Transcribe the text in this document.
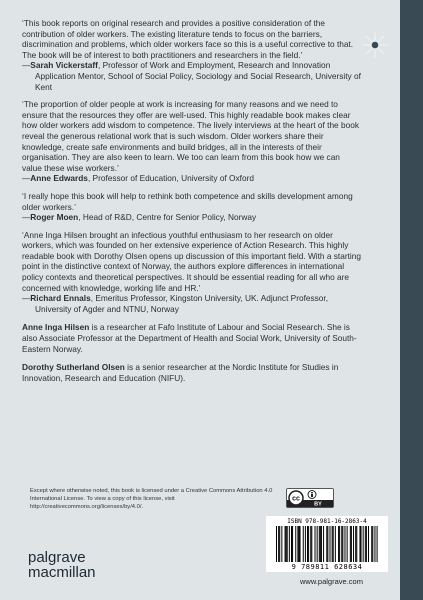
‘This book reports on original research and provides a positive consideration of the contribution of older workers. The existing literature tends to focus on the barriers, discrimination and problems, which older workers face so this is a useful corrective to that. The book will be of interest to both practitioners and researchers in the field.’
—Sarah Vickerstaff, Professor of Work and Employment, Research and Innovation Application Mentor, School of Social Policy, Sociology and Social Research, University of Kent
‘The proportion of older people at work is increasing for many reasons and we need to ensure that the resources they offer are well-used. This highly readable book makes clear how older workers add wisdom to competence. The lively interviews at the heart of the book reveal the generous relational work that is such wisdom. Older workers share their knowledge, create safe environments and build bridges, all in the interests of their organisation. They are also keen to learn. We too can learn from this book how we can value these wise workers.’
—Anne Edwards, Professor of Education, University of Oxford
‘I really hope this book will help to rethink both competence and skills development among older workers.’
—Roger Moen, Head of R&D, Centre for Senior Policy, Norway
‘Anne Inga Hilsen brought an infectious youthful enthusiasm to her research on older workers, which was founded on her extensive experience of Action Research. This highly readable book with Dorothy Olsen opens up discussion of this important field. With a starting point in the distinctive context of Norway, the authors explore differences in international policy contexts and theoretical perspectives. It should be essential reading for all who are concerned with knowledge, working life and HR.’
—Richard Ennals, Emeritus Professor, Kingston University, UK. Adjunct Professor, University of Agder and NTNU, Norway

Anne Inga Hilsen is a researcher at Fafo Institute of Labour and Social Research. She is also Associate Professor at the Department of Health and Social Work, University of South-Eastern Norway.

Dorothy Sutherland Olsen is a senior researcher at the Nordic Institute for Studies in Innovation, Research and Education (NIFU).

Except where otherwise noted, this book is licensed under a Creative Commons Attribution 4.0 International License. To view a copy of this license, visit http://creativecommons.org/licenses/by/4.0/.
cc
BY
ISBN 978-981-16-2863-4
9 789811 628634
www.palgrave.com
palgrave
macmillan
